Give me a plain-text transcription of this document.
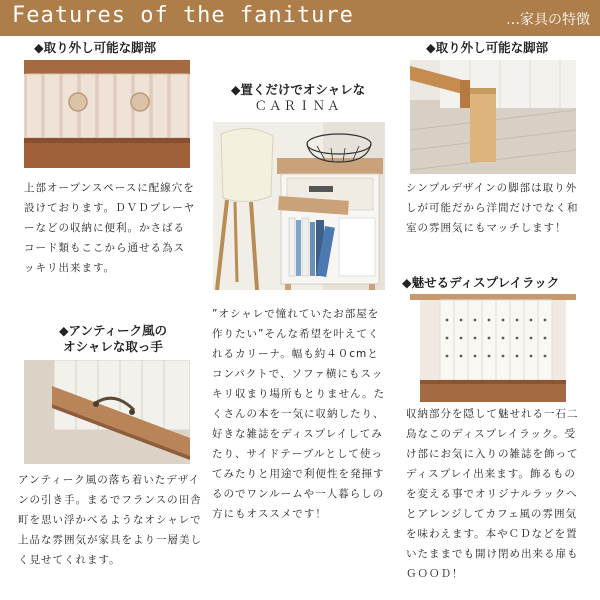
Features of the faniture	…家具の特徴
◆取り外し可能な脚部
上部オープンスペースに配線穴を設けております。ＤＶＤプレーヤーなどの収納に便利。かさばるコード類もここから通せる為スッキリ出来ます。
◆置くだけでオシャレな
ＣＡＲＩＮＡ
”オシャレで憧れていたお部屋を作りたい”そんな希望を叶えてくれるカリーナ。幅も約４０cmとコンパクトで、ソファ横にもスッキリ収まり場所もとりません。たくさんの本を一気に収納したり、好きな雑誌をディスプレイしてみたり、サイドテーブルとして使ってみたりと用途で利便性を発揮するのでワンルームや一人暮らしの方にもオススメです！
◆取り外し可能な脚部
シンプルデザインの脚部は取り外しが可能だから洋間だけでなく和室の雰囲気にもマッチします！
◆アンティーク風の
オシャレな取っ手
アンティーク風の落ち着いたデザインの引き手。まるでフランスの田舎町を思い浮かべるようなオシャレで上品な雰囲気が家具をより一層美しく見せてくれます。
◆魅せるディスプレイラック
収納部分を隠して魅せれる一石二鳥なこのディスプレイラック。受け部にお気に入りの雑誌を飾ってディスプレイ出来ます。飾るものを変える事でオリジナルラックへとアレンジしてカフェ風の雰囲気を味わえます。本やＣＤなどを置いたままでも開け閉め出来る扉もＧＯＯＤ！
